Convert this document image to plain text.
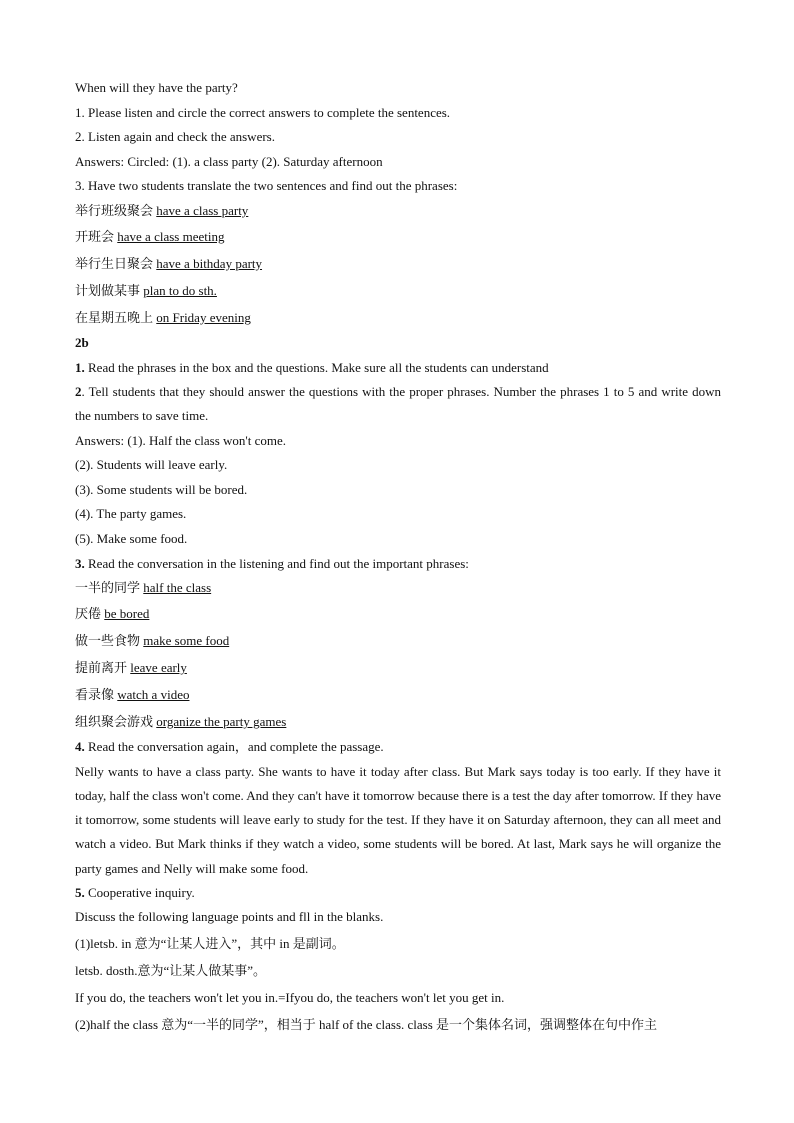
When will they have the party?
1. Please listen and circle the correct answers to complete the sentences.
2. Listen again and check the answers.
Answers: Circled: (1). a class party (2). Saturday afternoon
3. Have two students translate the two sentences and find out the phrases:
举行班级聚会 have a class party
开班会 have a class meeting
举行生日聚会 have a bithday party
计划做某事 plan to do sth.
在星期五晚上 on Friday evening
2b
1. Read the phrases in the box and the questions. Make sure all the students can understand
2. Tell students that they should answer the questions with the proper phrases. Number the phrases 1 to 5 and write down the numbers to save time.
Answers: (1). Half the class won't come.
(2). Students will leave early.
(3). Some students will be bored.
(4). The party games.
(5). Make some food.
3. Read the conversation in the listening and find out the important phrases:
一半的同学 half the class
厌倦 be bored
做一些食物 make some food
提前离开 leave early
看录像 watch a video
组织聚会游戏 organize the party games
4. Read the conversation again，and complete the passage.
Nelly wants to have a class party. She wants to have it today after class. But Mark says today is too early. If they have it today, half the class won't come. And they can't have it tomorrow because there is a test the day after tomorrow. If they have it tomorrow, some students will leave early to study for the test. If they have it on Saturday afternoon, they can all meet and watch a video. But Mark thinks if they watch a video, some students will be bored. At last, Mark says he will organize the party games and Nelly will make some food.
5. Cooperative inquiry.
Discuss the following language points and fll in the blanks.
(1)letsb. in 意为“让某人进入”，其中 in 是副词。
letsb. dosth.意为“让某人做某事”。
If you do, the teachers won't let you in.=Ifyou do, the teachers won't let you get in.
(2)half the class 意为“一半的同学”，相当于 half of the class. class 是一个集体名词，强调整体在句中作主
